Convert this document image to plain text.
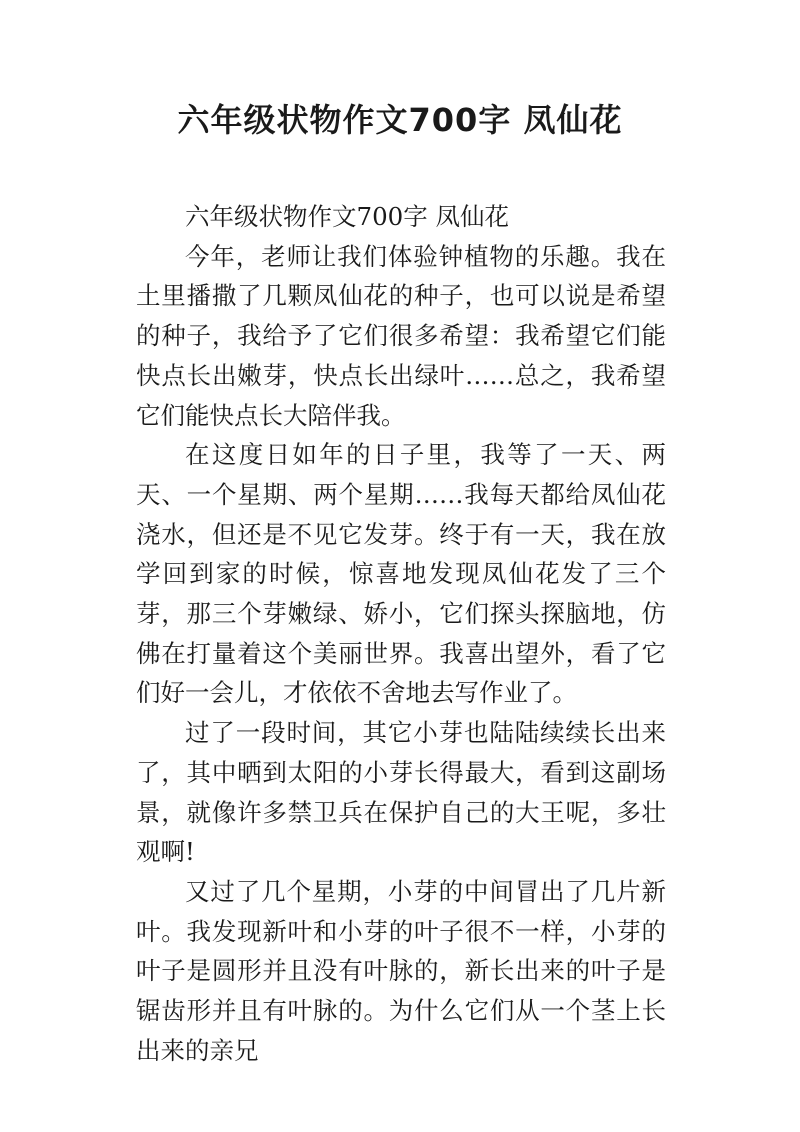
六年级状物作文700字 凤仙花

六年级状物作文700字 凤仙花

今年，老师让我们体验钟植物的乐趣。我在土里播撒了几颗凤仙花的种子，也可以说是希望的种子，我给予了它们很多希望：我希望它们能快点长出嫩芽，快点长出绿叶……总之，我希望它们能快点长大陪伴我。

在这度日如年的日子里，我等了一天、两天、一个星期、两个星期……我每天都给凤仙花浇水，但还是不见它发芽。终于有一天，我在放学回到家的时候，惊喜地发现凤仙花发了三个芽，那三个芽嫩绿、娇小，它们探头探脑地，仿佛在打量着这个美丽世界。我喜出望外，看了它们好一会儿，才依依不舍地去写作业了。

过了一段时间，其它小芽也陆陆续续长出来了，其中晒到太阳的小芽长得最大，看到这副场景，就像许多禁卫兵在保护自己的大王呢，多壮观啊!

又过了几个星期，小芽的中间冒出了几片新叶。我发现新叶和小芽的叶子很不一样，小芽的叶子是圆形并且没有叶脉的，新长出来的叶子是锯齿形并且有叶脉的。为什么它们从一个茎上长出来的亲兄
